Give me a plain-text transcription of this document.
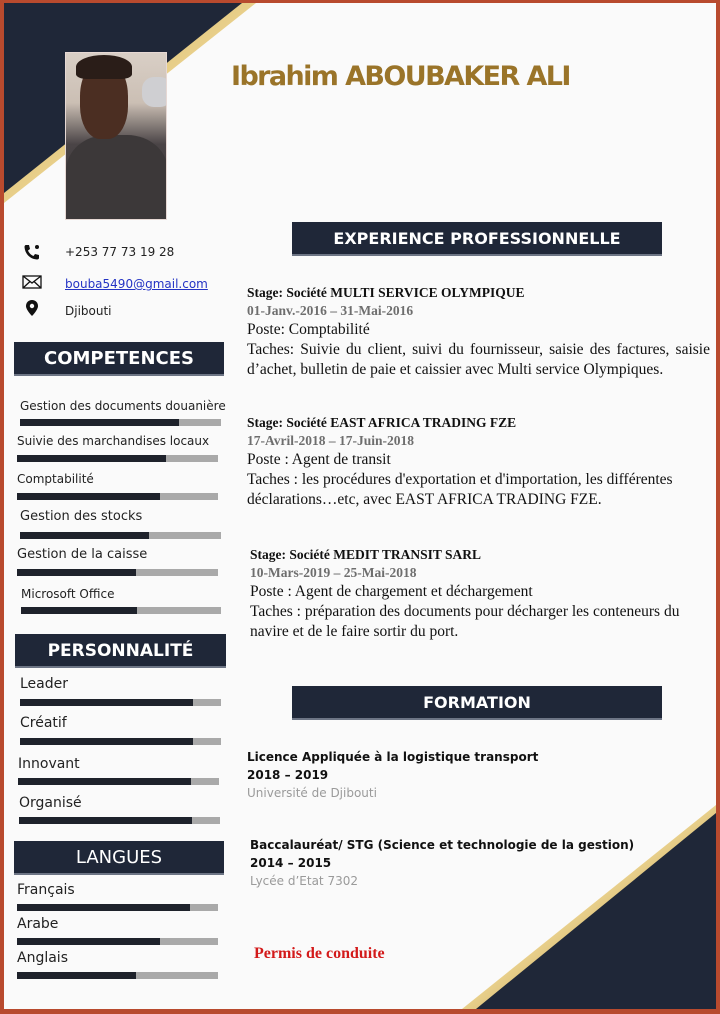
Ibrahim ABOUBAKER ALI
+253 77 73 19 28
bouba5490@gmail.com
Djibouti
COMPETENCES
Gestion des documents douanière
Suivie des marchandises locaux
Comptabilité
Gestion des stocks
Gestion de la caisse
Microsoft Office
PERSONNALITÉ
Leader
Créatif
Innovant
Organisé
LANGUES
Français
Arabe
Anglais
EXPERIENCE PROFESSIONNELLE
Stage: Société MULTI SERVICE OLYMPIQUE
01-Janv.-2016 – 31-Mai-2016
Poste: Comptabilité
Taches: Suivie du client, suivi du fournisseur, saisie des factures, saisie d’achet, bulletin de paie et caissier avec Multi service Olympiques.
Stage: Société EAST AFRICA TRADING FZE
17-Avril-2018 – 17-Juin-2018
Poste : Agent de transit
Taches : les procédures d'exportation et d'importation, les différentes déclarations…etc, avec EAST AFRICA TRADING FZE.
Stage: Société MEDIT TRANSIT SARL
10-Mars-2019 – 25-Mai-2018
Poste : Agent de chargement et déchargement
Taches : préparation des documents pour décharger les conteneurs du navire et de le faire sortir du port.
FORMATION
Licence Appliquée à la logistique transport
2018 – 2019
Université de Djibouti
Baccalauréat/ STG (Science et technologie de la gestion)
2014 – 2015
Lycée d’Etat 7302
Permis de conduite
